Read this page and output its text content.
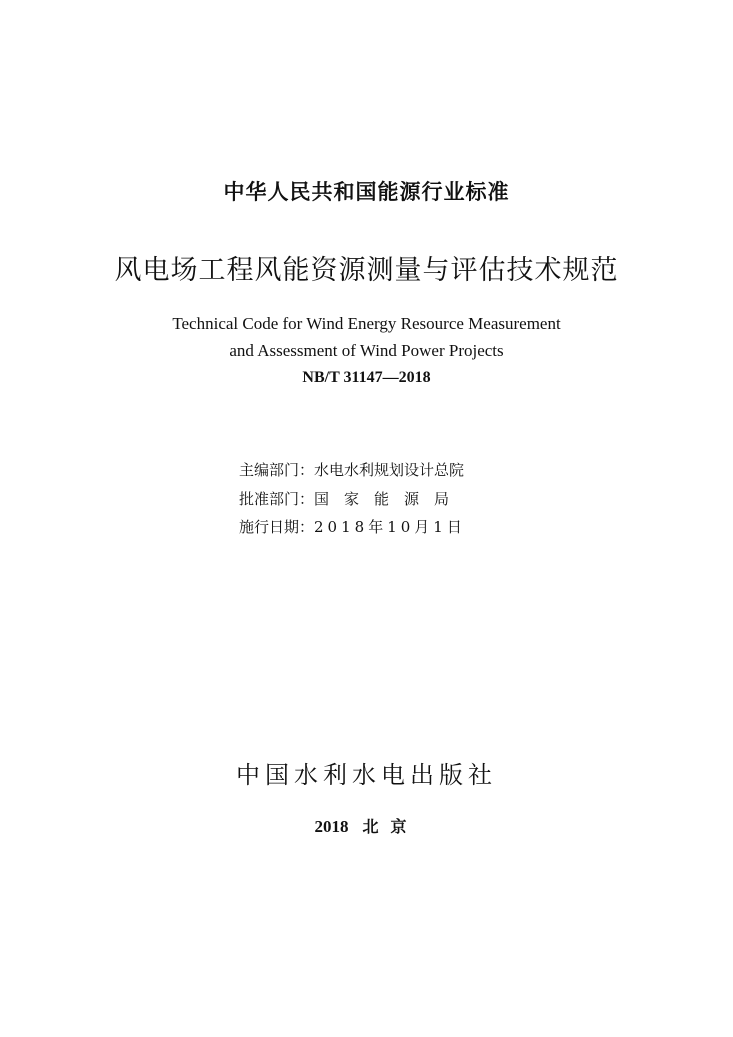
中华人民共和国能源行业标准
风电场工程风能资源测量与评估技术规范
Technical Code for Wind Energy Resource Measurement
and Assessment of Wind Power Projects
NB/T 31147—2018
主编部门：水电水利规划设计总院
批准部门：国家能源局
施行日期：2018年10月1日
中国水利水电出版社
2018 北京
